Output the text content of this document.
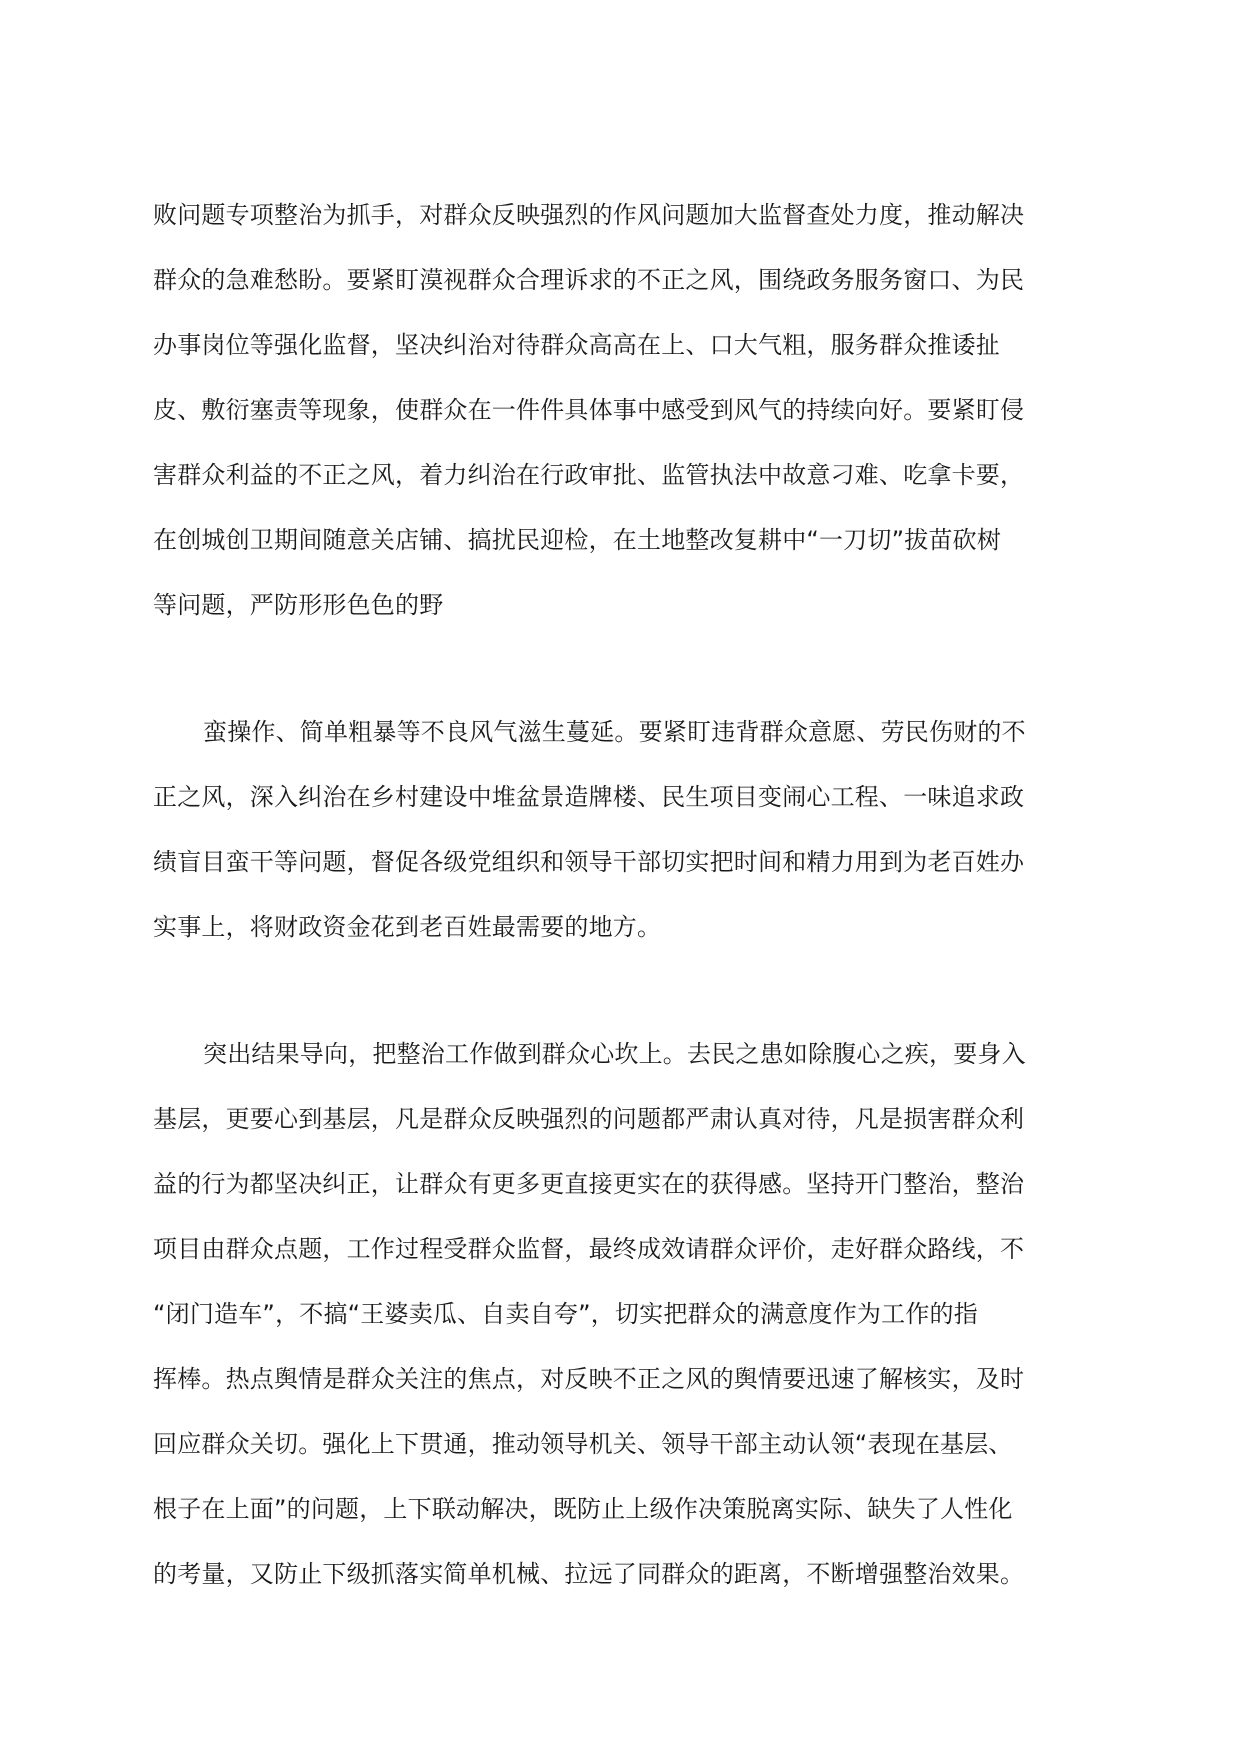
败问题专项整治为抓手，对群众反映强烈的作风问题加大监督查处力度，推动解决
群众的急难愁盼。要紧盯漠视群众合理诉求的不正之风，围绕政务服务窗口、为民
办事岗位等强化监督，坚决纠治对待群众高高在上、口大气粗，服务群众推诿扯
皮、敷衍塞责等现象，使群众在一件件具体事中感受到风气的持续向好。要紧盯侵
害群众利益的不正之风，着力纠治在行政审批、监管执法中故意刁难、吃拿卡要，
在创城创卫期间随意关店铺、搞扰民迎检，在土地整改复耕中“一刀切”拔苗砍树
等问题，严防形形色色的野
蛮操作、简单粗暴等不良风气滋生蔓延。要紧盯违背群众意愿、劳民伤财的不
正之风，深入纠治在乡村建设中堆盆景造牌楼、民生项目变闹心工程、一味追求政
绩盲目蛮干等问题，督促各级党组织和领导干部切实把时间和精力用到为老百姓办
实事上，将财政资金花到老百姓最需要的地方。
突出结果导向，把整治工作做到群众心坎上。去民之患如除腹心之疾，要身入
基层，更要心到基层，凡是群众反映强烈的问题都严肃认真对待，凡是损害群众利
益的行为都坚决纠正，让群众有更多更直接更实在的获得感。坚持开门整治，整治
项目由群众点题，工作过程受群众监督，最终成效请群众评价，走好群众路线，不
“闭门造车”，不搞“王婆卖瓜、自卖自夸”，切实把群众的满意度作为工作的指
挥棒。热点舆情是群众关注的焦点，对反映不正之风的舆情要迅速了解核实，及时
回应群众关切。强化上下贯通，推动领导机关、领导干部主动认领“表现在基层、
根子在上面”的问题，上下联动解决，既防止上级作决策脱离实际、缺失了人性化
的考量，又防止下级抓落实简单机械、拉远了同群众的距离，不断增强整治效果。
